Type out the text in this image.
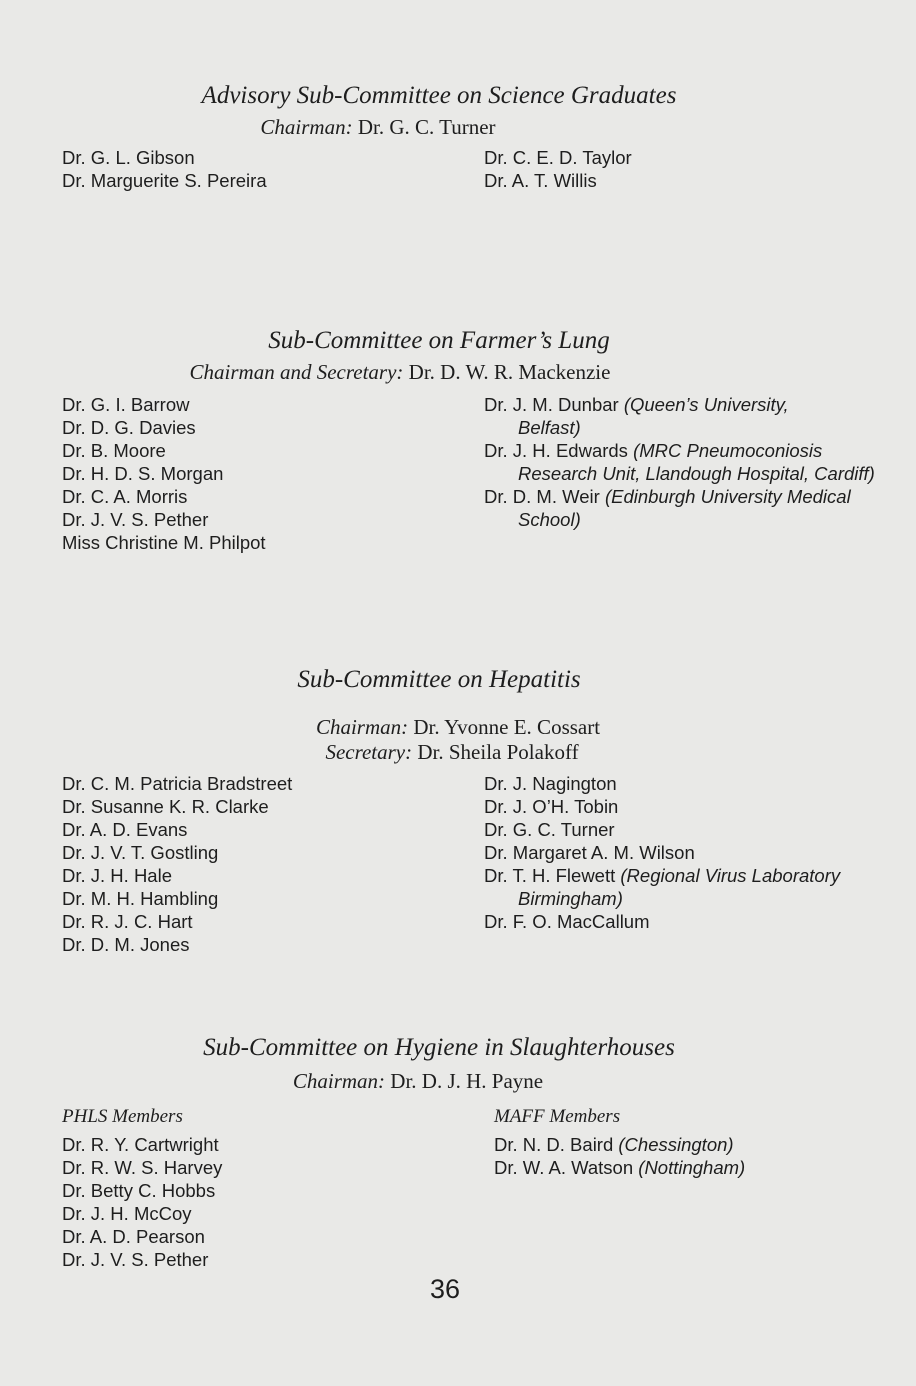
Advisory Sub-Committee on Science Graduates
Chairman: Dr. G. C. Turner
Dr. G. L. Gibson
Dr. Marguerite S. Pereira
Dr. C. E. D. Taylor
Dr. A. T. Willis
Sub-Committee on Farmer’s Lung
Chairman and Secretary: Dr. D. W. R. Mackenzie
Dr. G. I. Barrow
Dr. D. G. Davies
Dr. B. Moore
Dr. H. D. S. Morgan
Dr. C. A. Morris
Dr. J. V. S. Pether
Miss Christine M. Philpot
Dr. J. M. Dunbar (Queen’s University,
Belfast)
Dr. J. H. Edwards (MRC Pneumoconiosis
Research Unit, Llandough Hospital, Cardiff)
Dr. D. M. Weir (Edinburgh University Medical
School)
Sub-Committee on Hepatitis
Chairman: Dr. Yvonne E. Cossart
Secretary: Dr. Sheila Polakoff
Dr. C. M. Patricia Bradstreet
Dr. Susanne K. R. Clarke
Dr. A. D. Evans
Dr. J. V. T. Gostling
Dr. J. H. Hale
Dr. M. H. Hambling
Dr. R. J. C. Hart
Dr. D. M. Jones
Dr. J. Nagington
Dr. J. O’H. Tobin
Dr. G. C. Turner
Dr. Margaret A. M. Wilson
Dr. T. H. Flewett (Regional Virus Laboratory
Birmingham)
Dr. F. O. MacCallum
Sub-Committee on Hygiene in Slaughterhouses
Chairman: Dr. D. J. H. Payne
PHLS Members	MAFF Members
Dr. R. Y. Cartwright
Dr. R. W. S. Harvey
Dr. Betty C. Hobbs
Dr. J. H. McCoy
Dr. A. D. Pearson
Dr. J. V. S. Pether
Dr. N. D. Baird (Chessington)
Dr. W. A. Watson (Nottingham)
36
